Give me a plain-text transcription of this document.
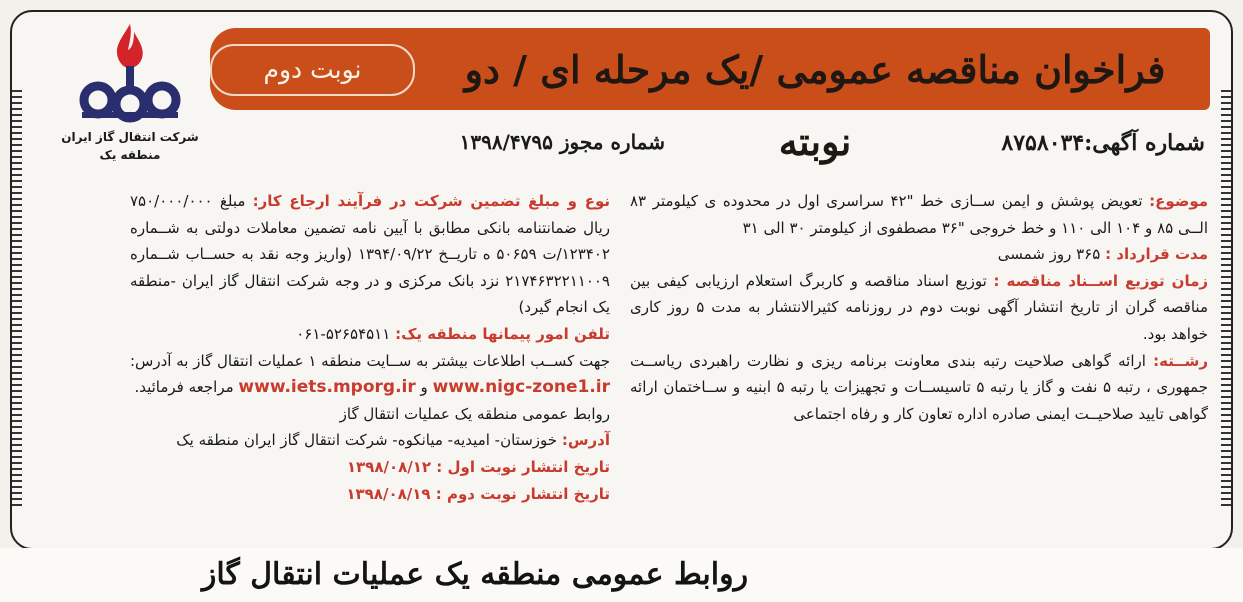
فراخوان مناقصه عمومی /یک مرحله ای / دو نوبته
نوبت دوم
شرکت انتقال گاز ایران
منطقه یک	شماره آگهی:۸۷۵۸۰۳۴
شماره مجوز ۱۳۹۸/۴۷۹۵

موضوع: تعویض پوشش و ایمن ســازی خط "۴۲ سراسری اول در محدوده ی کیلومتر ۸۳ الــی ۸۵ و ۱۰۴ الی ۱۱۰ و خط خروجی "۳۶ مصطفوی از کیلومتر ۳۰ الی ۳۱

مدت قرارداد : ۳۶۵ روز شمسی

زمان توزیع اســناد مناقصه : توزیع اسناد مناقصه و کاربرگ استعلام ارزیابی کیفی بین مناقصه گران از تاریخ انتشار آگهی نوبت دوم در روزنامه کثیرالانتشار به مدت ۵ روز کاری خواهد بود.

رشــته: ارائه گواهی صلاحیت رتبه بندی معاونت برنامه ریزی و نظارت راهبردی ریاســت جمهوری ، رتبه ۵ نفت و گاز یا رتبه ۵ تاسیســات و تجهیزات یا رتبه ۵ ابنیه و ســاختمان ارائه گواهی تایید صلاحیــت ایمنی صادره اداره تعاون کار و رفاه اجتماعی

نوع و مبلغ تضمین شرکت در فرآیند ارجاع کار: مبلغ ۷۵۰/۰۰۰/۰۰۰ ریال ضمانتنامه بانکی مطابق با آیین نامه تضمین معاملات دولتی به شــماره ۱۲۳۴۰۲/ت ۵۰۶۵۹ ه تاریــخ ۱۳۹۴/۰۹/۲۲ (واریز وجه نقد به حســاب شــماره ۲۱۷۴۶۳۲۲۱۱۰۰۹ نزد بانک مرکزی و در وجه شرکت انتقال گاز ایران -منطقه یک انجام گیرد)

تلفن امور پیمانها منطقه یک: ۵۲۶۵۴۵۱۱-۰۶۱

جهت کســب اطلاعات بیشتر به ســایت منطقه ۱ عملیات انتقال گاز به آدرس: www.nigc-zone1.ir و www.iets.mporg.ir مراجعه فرمائید.

روابط عمومی منطقه یک عملیات انتقال گاز

آدرس: خوزستان- امیدیه- میانکوه- شرکت انتقال گاز ایران منطقه یک

تاریخ انتشار نوبت اول : ۱۳۹۸/۰۸/۱۲

تاریخ انتشار نوبت دوم : ۱۳۹۸/۰۸/۱۹

روابط عمومی منطقه یک عملیات انتقال گاز
